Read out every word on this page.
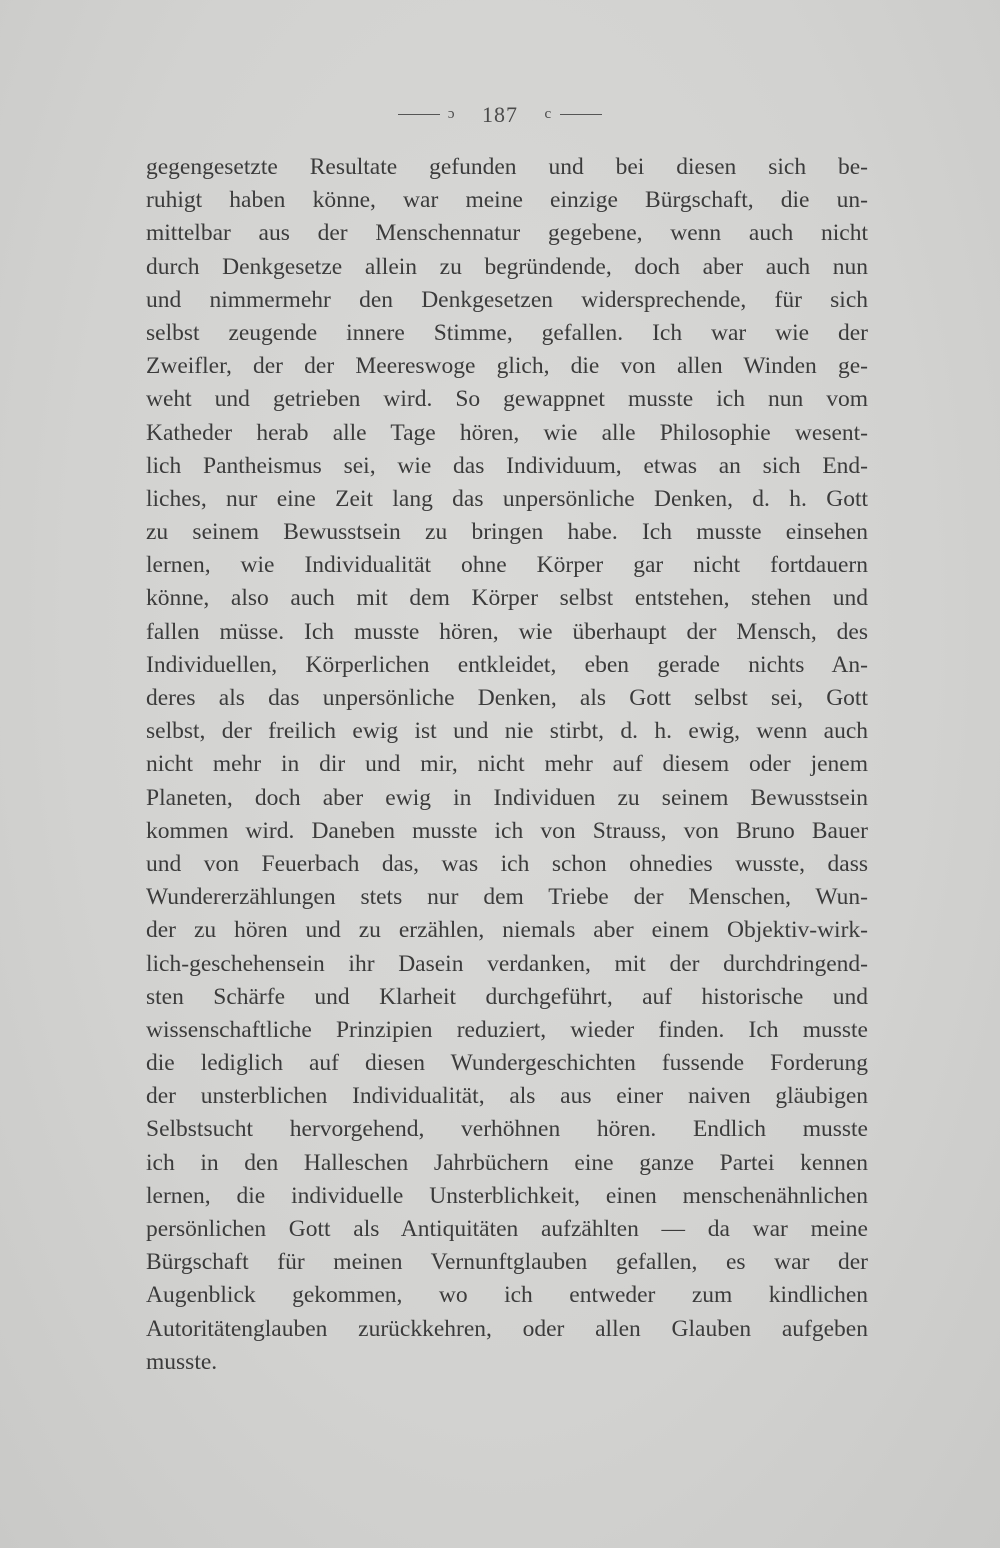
ɔ 187 c
gegengesetzte Resultate gefunden und bei diesen sich be-
ruhigt haben könne, war meine einzige Bürgschaft, die un-
mittelbar aus der Menschennatur gegebene, wenn auch nicht
durch Denkgesetze allein zu begründende, doch aber auch nun
und nimmermehr den Denkgesetzen widersprechende, für sich
selbst zeugende innere Stimme, gefallen. Ich war wie der
Zweifler, der der Meereswoge glich, die von allen Winden ge-
weht und getrieben wird. So gewappnet musste ich nun vom
Katheder herab alle Tage hören, wie alle Philosophie wesent-
lich Pantheismus sei, wie das Individuum, etwas an sich End-
liches, nur eine Zeit lang das unpersönliche Denken, d. h. Gott
zu seinem Bewusstsein zu bringen habe. Ich musste einsehen
lernen, wie Individualität ohne Körper gar nicht fortdauern
könne, also auch mit dem Körper selbst entstehen, stehen und
fallen müsse. Ich musste hören, wie überhaupt der Mensch, des
Individuellen, Körperlichen entkleidet, eben gerade nichts An-
deres als das unpersönliche Denken, als Gott selbst sei, Gott
selbst, der freilich ewig ist und nie stirbt, d. h. ewig, wenn auch
nicht mehr in dir und mir, nicht mehr auf diesem oder jenem
Planeten, doch aber ewig in Individuen zu seinem Bewusstsein
kommen wird. Daneben musste ich von Strauss, von Bruno Bauer
und von Feuerbach das, was ich schon ohnedies wusste, dass
Wundererzählungen stets nur dem Triebe der Menschen, Wun-
der zu hören und zu erzählen, niemals aber einem Objektiv-wirk-
lich-geschehensein ihr Dasein verdanken, mit der durchdringend-
sten Schärfe und Klarheit durchgeführt, auf historische und
wissenschaftliche Prinzipien reduziert, wieder finden. Ich musste
die lediglich auf diesen Wundergeschichten fussende Forderung
der unsterblichen Individualität, als aus einer naiven gläubigen
Selbstsucht hervorgehend, verhöhnen hören. Endlich musste
ich in den Halleschen Jahrbüchern eine ganze Partei kennen
lernen, die individuelle Unsterblichkeit, einen menschenähnlichen
persönlichen Gott als Antiquitäten aufzählten — da war meine
Bürgschaft für meinen Vernunftglauben gefallen, es war der
Augenblick gekommen, wo ich entweder zum kindlichen
Autoritätenglauben zurückkehren, oder allen Glauben aufgeben
musste.
